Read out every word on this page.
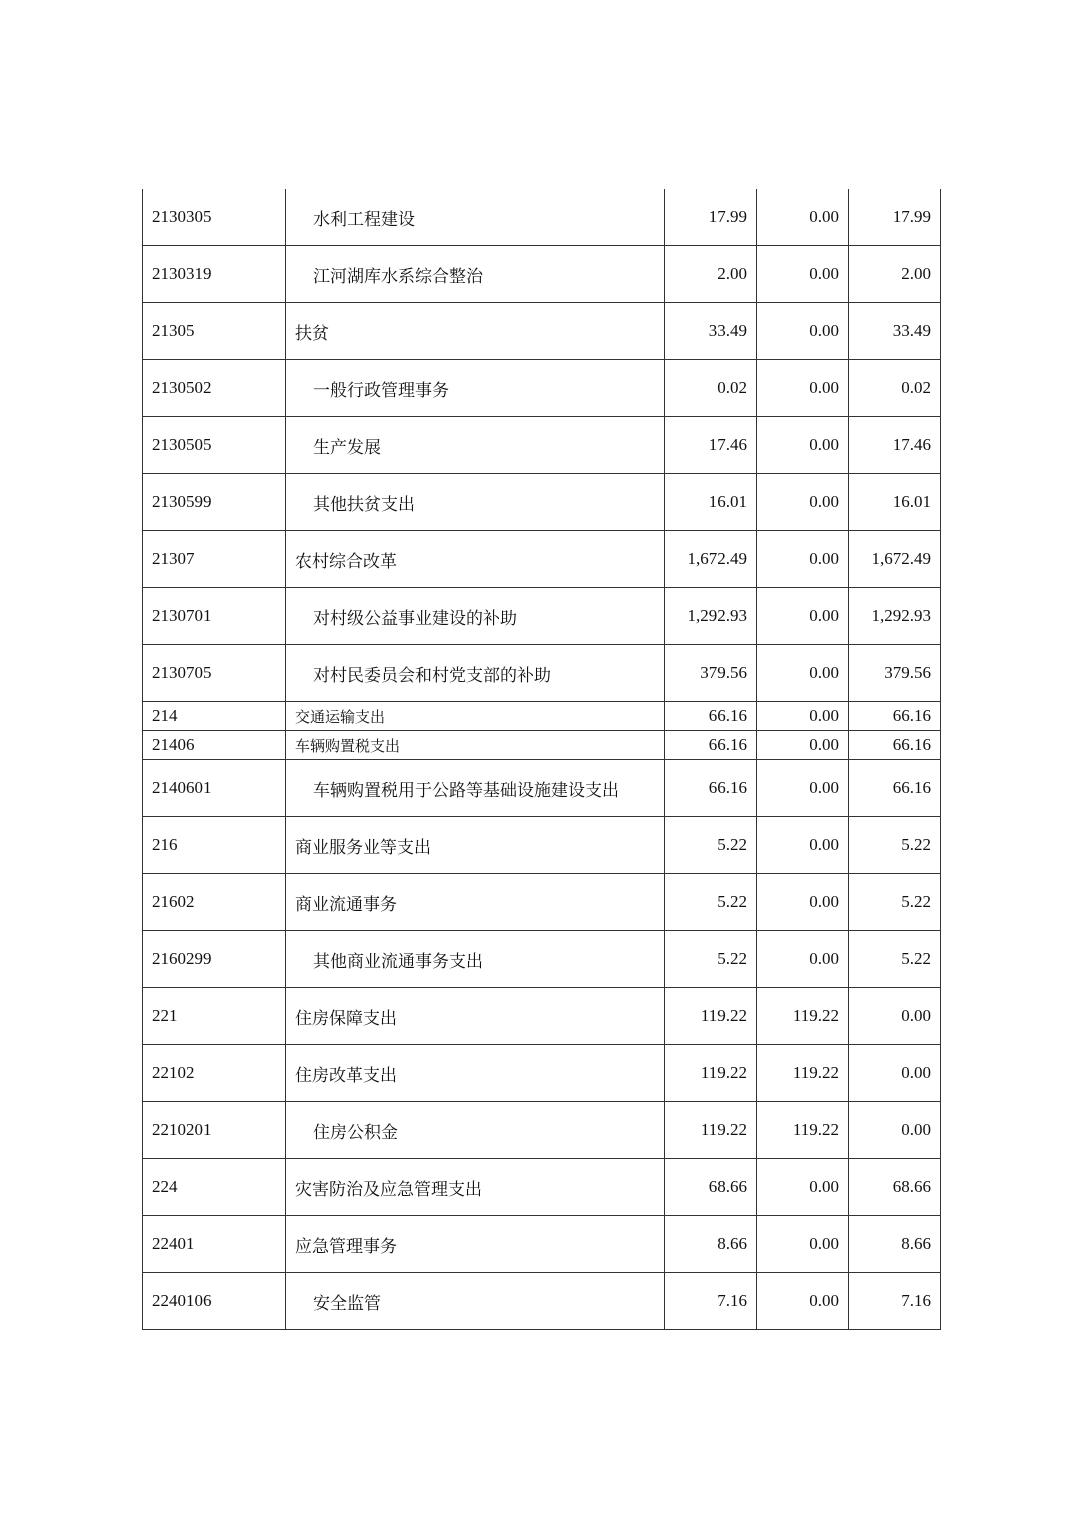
2130305	水利工程建设	17.99	0.00	17.99
2130319	江河湖库水系综合整治	2.00	0.00	2.00
21305	扶贫	33.49	0.00	33.49
2130502	一般行政管理事务	0.02	0.00	0.02
2130505	生产发展	17.46	0.00	17.46
2130599	其他扶贫支出	16.01	0.00	16.01
21307	农村综合改革	1,672.49	0.00	1,672.49
2130701	对村级公益事业建设的补助	1,292.93	0.00	1,292.93
2130705	对村民委员会和村党支部的补助	379.56	0.00	379.56
214	交通运输支出	66.16	0.00	66.16
21406	车辆购置税支出	66.16	0.00	66.16
2140601	车辆购置税用于公路等基础设施建设支出	66.16	0.00	66.16
216	商业服务业等支出	5.22	0.00	5.22
21602	商业流通事务	5.22	0.00	5.22
2160299	其他商业流通事务支出	5.22	0.00	5.22
221	住房保障支出	119.22	119.22	0.00
22102	住房改革支出	119.22	119.22	0.00
2210201	住房公积金	119.22	119.22	0.00
224	灾害防治及应急管理支出	68.66	0.00	68.66
22401	应急管理事务	8.66	0.00	8.66
2240106	安全监管	7.16	0.00	7.16
